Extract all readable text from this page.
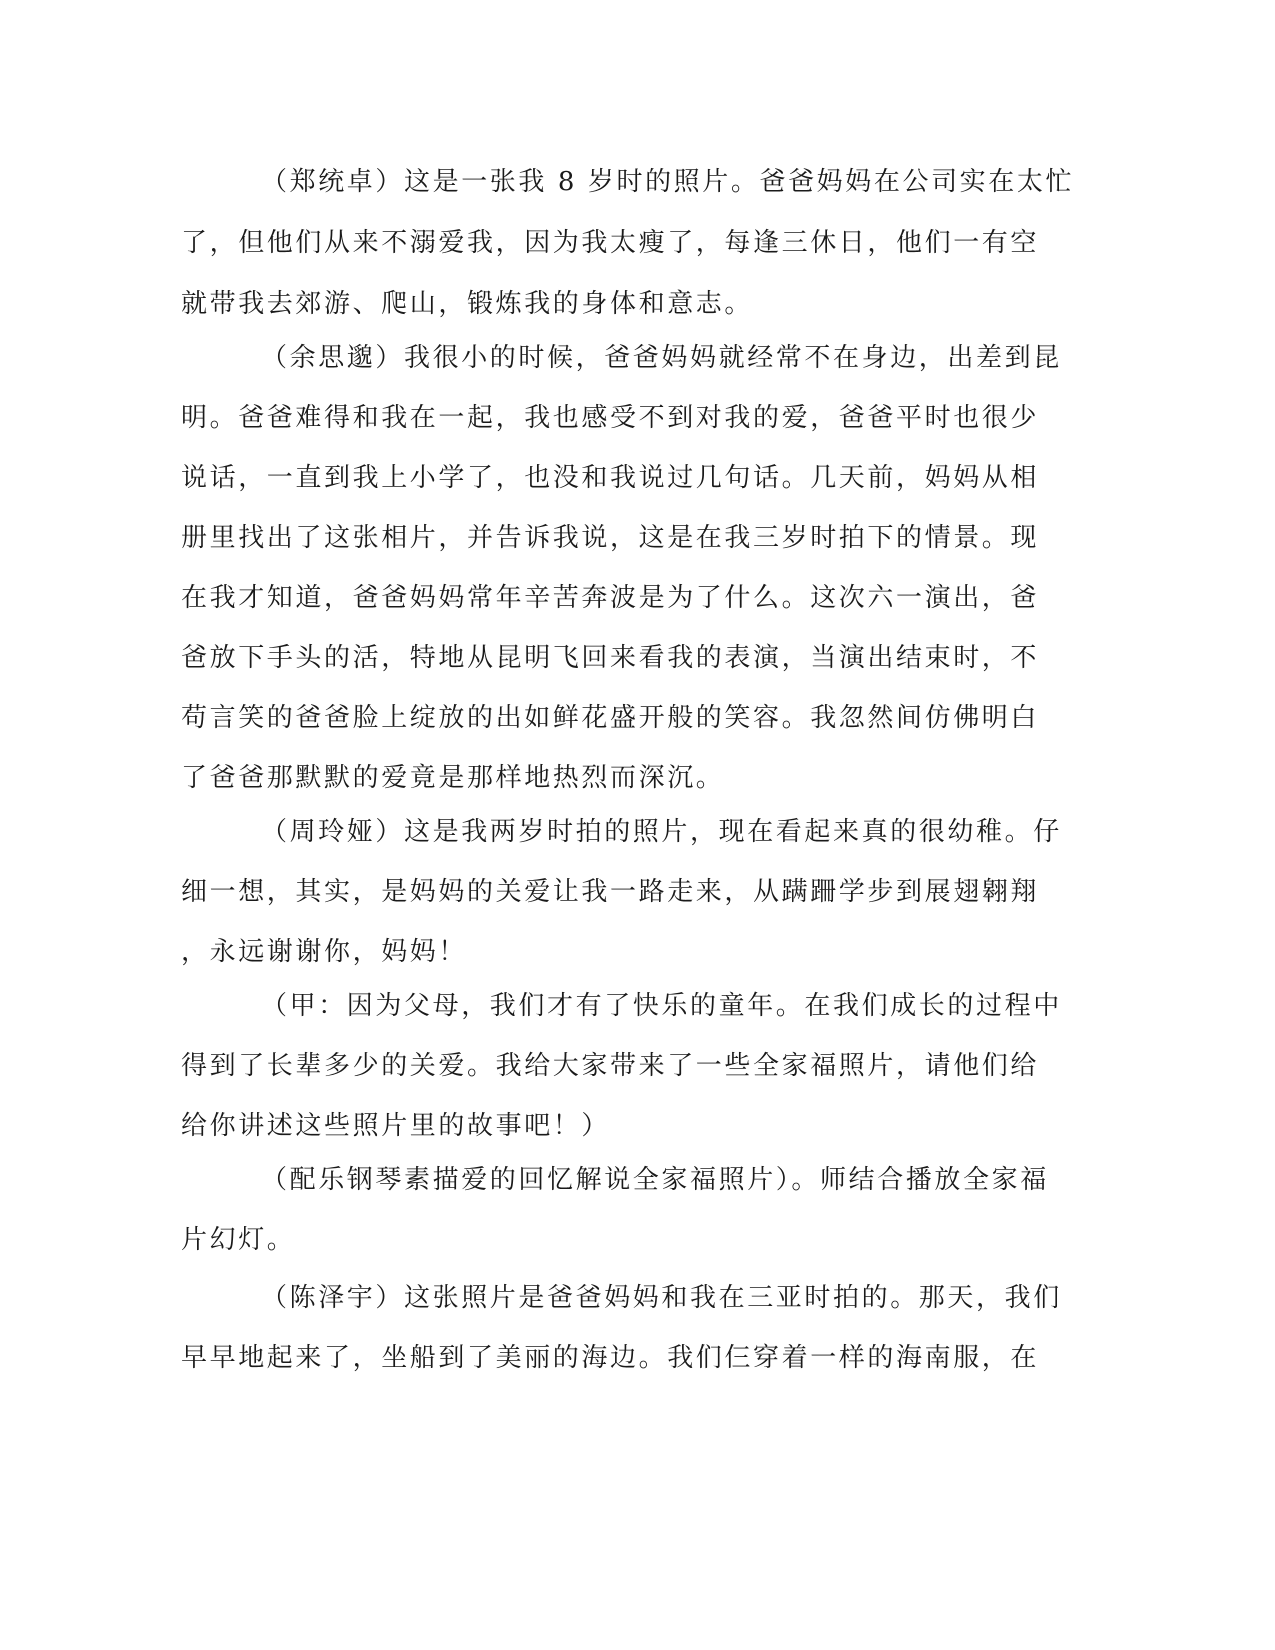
（郑统卓）这是一张我 8 岁时的照片。爸爸妈妈在公司实在太忙
了，但他们从来不溺爱我，因为我太瘦了，每逢三休日，他们一有空
就带我去郊游、爬山，锻炼我的身体和意志。
（余思邈）我很小的时候，爸爸妈妈就经常不在身边，出差到昆
明。爸爸难得和我在一起，我也感受不到对我的爱，爸爸平时也很少
说话，一直到我上小学了，也没和我说过几句话。几天前，妈妈从相
册里找出了这张相片，并告诉我说，这是在我三岁时拍下的情景。现
在我才知道，爸爸妈妈常年辛苦奔波是为了什么。这次六一演出，爸
爸放下手头的活，特地从昆明飞回来看我的表演，当演出结束时，不
苟言笑的爸爸脸上绽放的出如鲜花盛开般的笑容。我忽然间仿佛明白
了爸爸那默默的爱竟是那样地热烈而深沉。
（周玲娅）这是我两岁时拍的照片，现在看起来真的很幼稚。仔
细一想，其实，是妈妈的关爱让我一路走来，从蹒跚学步到展翅翱翔
，永远谢谢你，妈妈！
（甲：因为父母，我们才有了快乐的童年。在我们成长的过程中
得到了长辈多少的关爱。我给大家带来了一些全家福照片，请他们给
给你讲述这些照片里的故事吧！）
（配乐钢琴素描爱的回忆解说全家福照片）。师结合播放全家福
片幻灯。
（陈泽宇）这张照片是爸爸妈妈和我在三亚时拍的。那天，我们
早早地起来了，坐船到了美丽的海边。我们仨穿着一样的海南服，在
